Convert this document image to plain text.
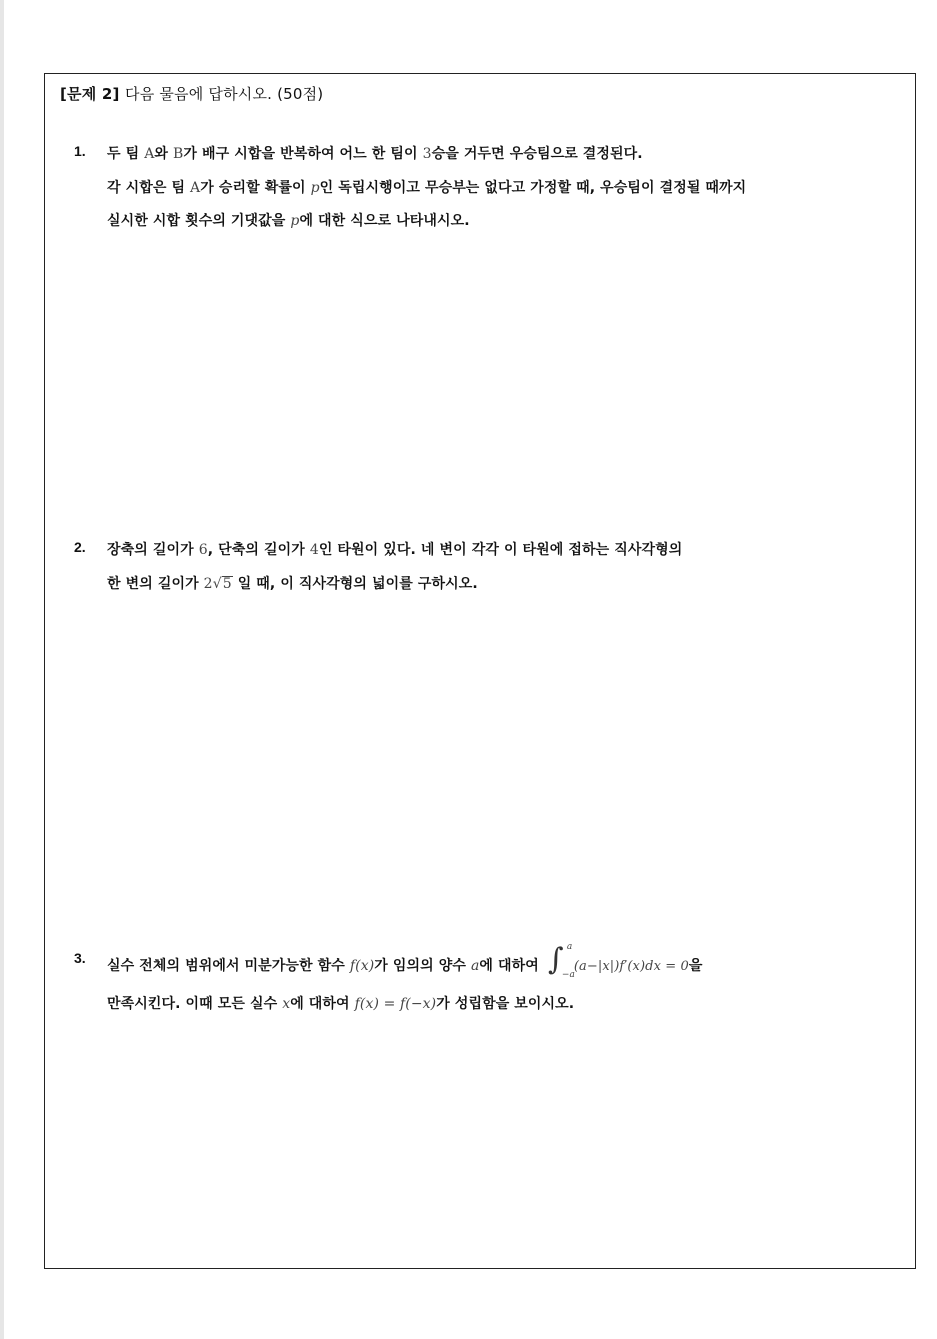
[문제 2] 다음 물음에 답하시오. (50점)
1. 두 팀 A와 B가 배구 시합을 반복하여 어느 한 팀이 3승을 거두면 우승팀으로 결정된다.
각 시합은 팀 A가 승리할 확률이 p인 독립시행이고 무승부는 없다고 가정할 때, 우승팀이 결정될 때까지
실시한 시합 횟수의 기댓값을 p에 대한 식으로 나타내시오.
2. 장축의 길이가 6, 단축의 길이가 4인 타원이 있다. 네 변이 각각 이 타원에 접하는 직사각형의
한 변의 길이가 2√5 일 때, 이 직사각형의 넓이를 구하시오.
3. 실수 전체의 범위에서 미분가능한 함수 f(x)가 임의의 양수 a에 대하여 ∫ a
−a
(a−|x|)f′(x)dx = 0을
만족시킨다. 이때 모든 실수 x에 대하여 f(x) = f(−x)가 성립함을 보이시오.
